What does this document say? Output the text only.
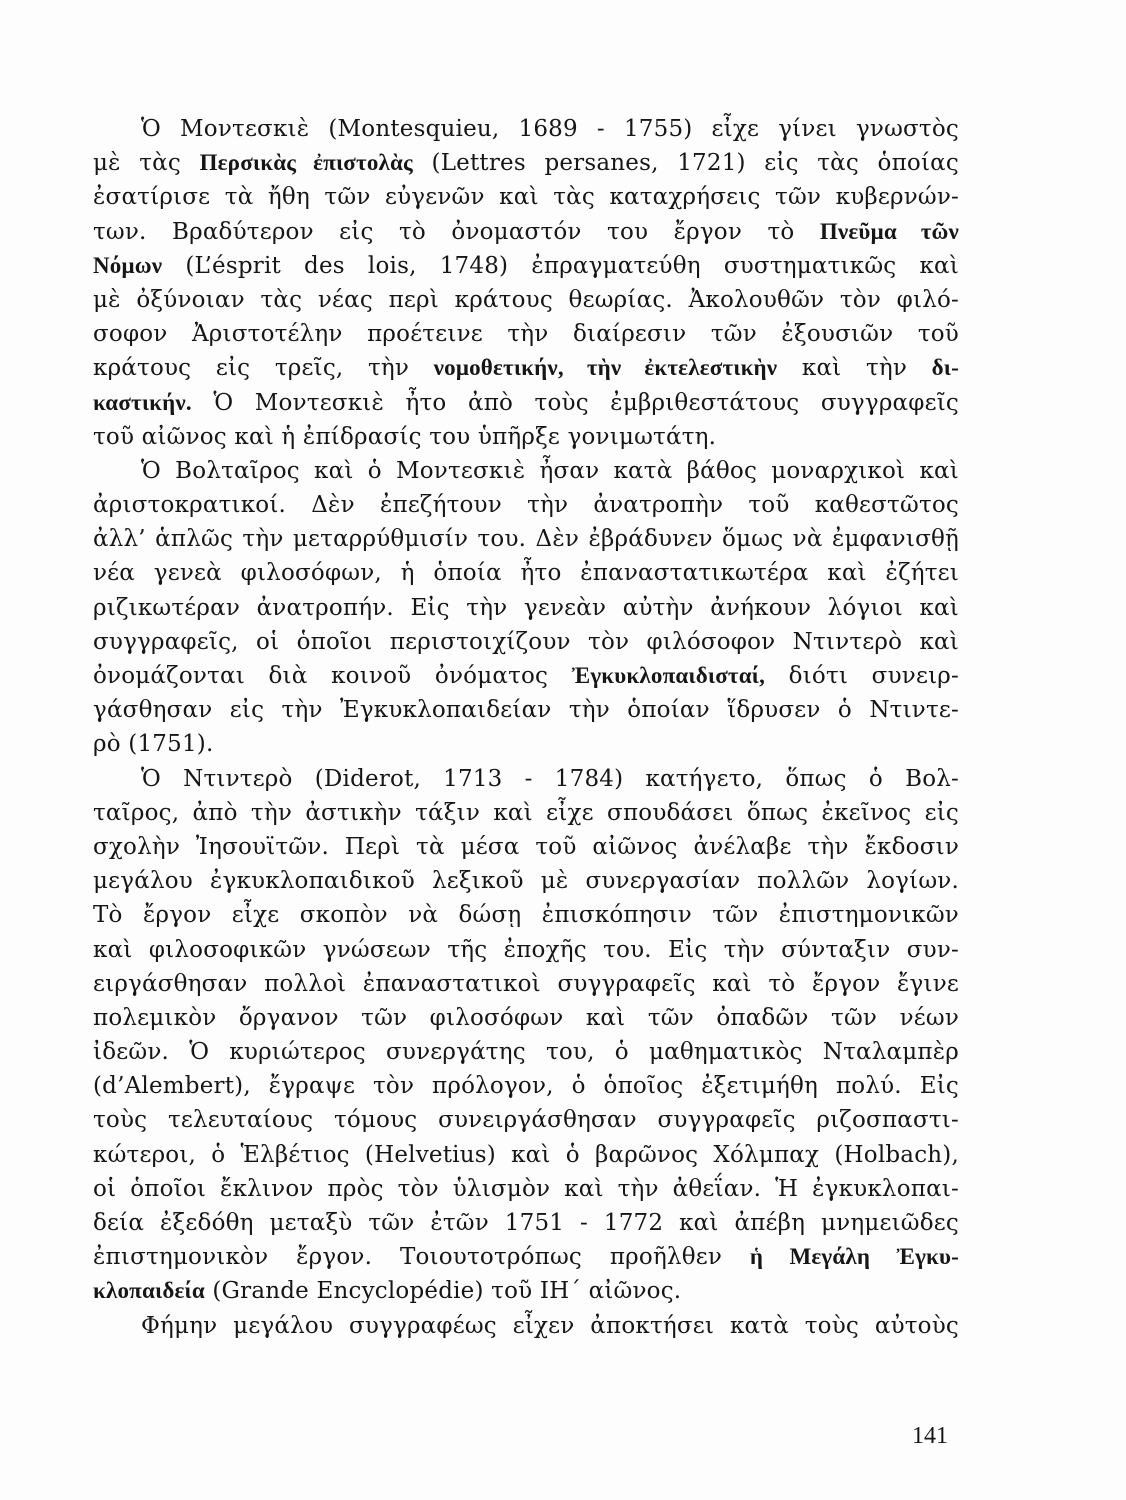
Ὁ Μοντεσκιὲ (Montesquieu, 1689 - 1755) εἶχε γίνει γνωστὸς
μὲ τὰς Περσικὰς ἐπιστολὰς (Lettres persanes, 1721) εἰς τὰς ὁποίας
ἐσατίρισε τὰ ἤθη τῶν εὐγενῶν καὶ τὰς καταχρήσεις τῶν κυβερνών-
των. Βραδύτερον εἰς τὸ ὀνομαστόν του ἔργον τὸ Πνεῦμα τῶν
Νόμων (L’ésprit des lois, 1748) ἐπραγματεύθη συστηματικῶς καὶ
μὲ ὀξύνοιαν τὰς νέας περὶ κράτους θεωρίας. Ἀκολουθῶν τὸν φιλό-
σοφον Ἀριστοτέλην προέτεινε τὴν διαίρεσιν τῶν ἐξουσιῶν τοῦ
κράτους εἰς τρεῖς, τὴν νομοθετικήν, τὴν ἐκτελεστικὴν καὶ τὴν δι-
καστικήν. Ὁ Μοντεσκιὲ ἦτο ἀπὸ τοὺς ἐμβριθεστάτους συγγραφεῖς
τοῦ αἰῶνος καὶ ἡ ἐπίδρασίς του ὑπῆρξε γονιμωτάτη.
Ὁ Βολταῖρος καὶ ὁ Μοντεσκιὲ ἦσαν κατὰ βάθος μοναρχικοὶ καὶ
ἀριστοκρατικοί. Δὲν ἐπεζήτουν τὴν ἀνατροπὴν τοῦ καθεστῶτος
ἀλλ’ ἁπλῶς τὴν μεταρρύθμισίν του. Δὲν ἐβράδυνεν ὅμως νὰ ἐμφανισθῇ
νέα γενεὰ φιλοσόφων, ἡ ὁποία ἦτο ἐπαναστατικωτέρα καὶ ἐζήτει
ριζικωτέραν ἀνατροπήν. Εἰς τὴν γενεὰν αὐτὴν ἀνήκουν λόγιοι καὶ
συγγραφεῖς, οἱ ὁποῖοι περιστοιχίζουν τὸν φιλόσοφον Ντιντερὸ καὶ
ὀνομάζονται διὰ κοινοῦ ὀνόματος Ἐγκυκλοπαιδισταί, διότι συνειρ-
γάσθησαν εἰς τὴν Ἐγκυκλοπαιδείαν τὴν ὁποίαν ἵδρυσεν ὁ Ντιντε-
ρὸ (1751).
Ὁ Ντιντερὸ (Diderot, 1713 - 1784) κατήγετο, ὅπως ὁ Βολ-
ταῖρος, ἀπὸ τὴν ἀστικὴν τάξιν καὶ εἶχε σπουδάσει ὅπως ἐκεῖνος εἰς
σχολὴν Ἰησουϊτῶν. Περὶ τὰ μέσα τοῦ αἰῶνος ἀνέλαβε τὴν ἔκδοσιν
μεγάλου ἐγκυκλοπαιδικοῦ λεξικοῦ μὲ συνεργασίαν πολλῶν λογίων.
Τὸ ἔργον εἶχε σκοπὸν νὰ δώσῃ ἐπισκόπησιν τῶν ἐπιστημονικῶν
καὶ φιλοσοφικῶν γνώσεων τῆς ἐποχῆς του. Εἰς τὴν σύνταξιν συν-
ειργάσθησαν πολλοὶ ἐπαναστατικοὶ συγγραφεῖς καὶ τὸ ἔργον ἔγινε
πολεμικὸν ὄργανον τῶν φιλοσόφων καὶ τῶν ὀπαδῶν τῶν νέων
ἰδεῶν. Ὁ κυριώτερος συνεργάτης του, ὁ μαθηματικὸς Νταλαμπὲρ
(d’Alembert), ἔγραψε τὸν πρόλογον, ὁ ὁποῖος ἐξετιμήθη πολύ. Εἰς
τοὺς τελευταίους τόμους συνειργάσθησαν συγγραφεῖς ριζοσπαστι-
κώτεροι, ὁ Ἑλβέτιος (Helvetius) καὶ ὁ βαρῶνος Χόλμπαχ (Holbach),
οἱ ὁποῖοι ἔκλινον πρὸς τὸν ὑλισμὸν καὶ τὴν ἀθεΐαν. Ἡ ἐγκυκλοπαι-
δεία ἐξεδόθη μεταξὺ τῶν ἐτῶν 1751 - 1772 καὶ ἀπέβη μνημειῶδες
ἐπιστημονικὸν ἔργον. Τοιουτοτρόπως προῆλθεν ἡ Μεγάλη Ἐγκυ-
κλοπαιδεία (Grande Encyclopédie) τοῦ ΙΗ΄ αἰῶνος.
Φήμην μεγάλου συγγραφέως εἶχεν ἀποκτήσει κατὰ τοὺς αὐτοὺς
141
